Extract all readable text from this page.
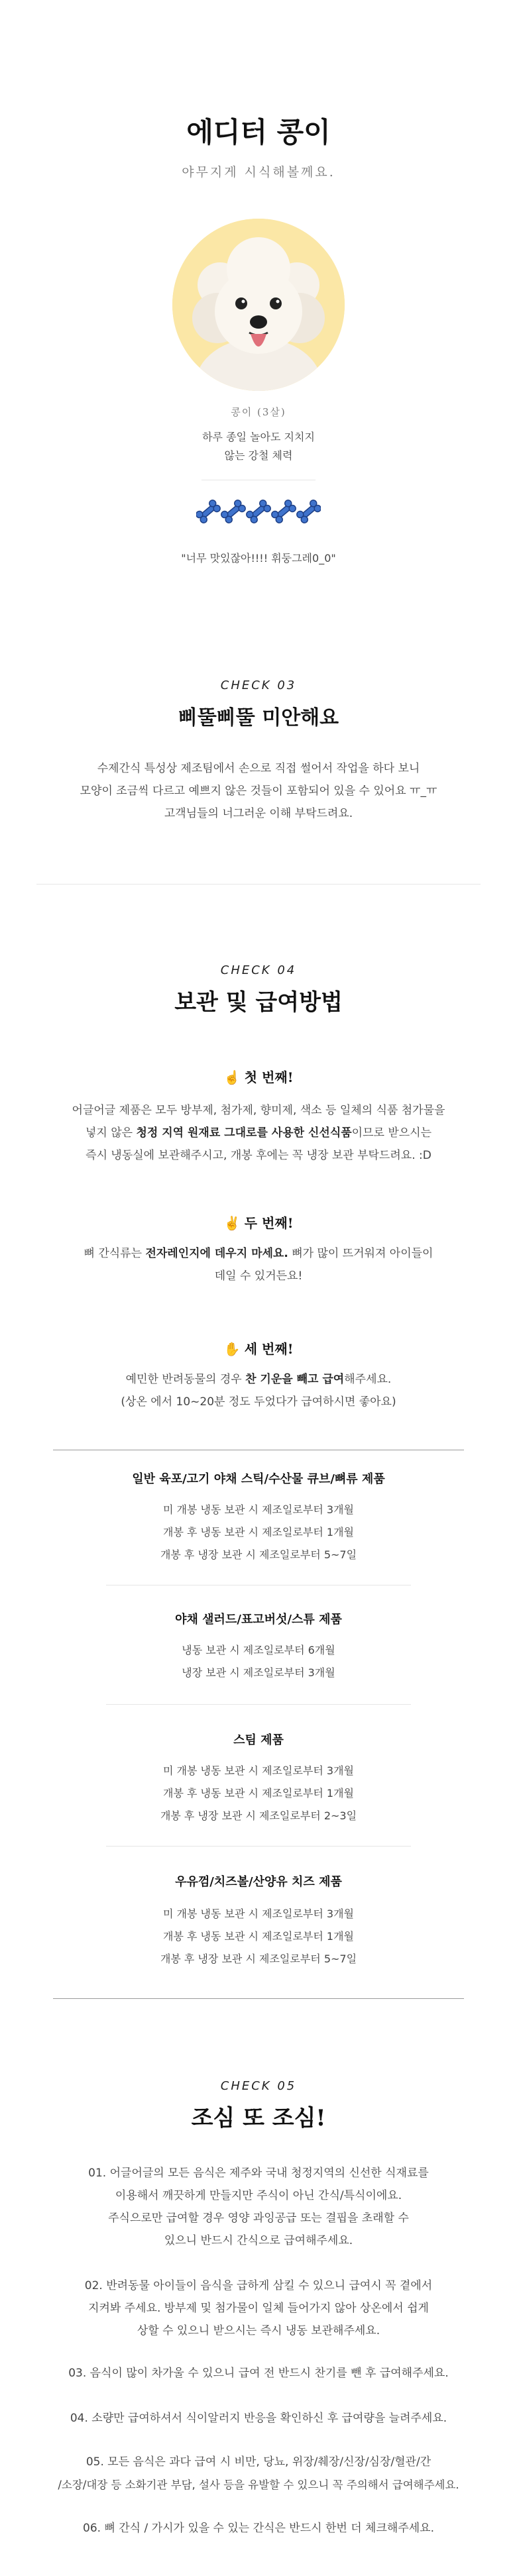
에디터 콩이
야무지게 시식해볼께요.
콩이 (3살)
하루 종일 놀아도 지치지
않는 강철 체력
"너무 맛있잖아!!!! 휘둥그레0_0"
CHECK 03
삐뚤삐뚤 미안해요
수제간식 특성상 제조팀에서 손으로 직접 썰어서 작업을 하다 보니
모양이 조금씩 다르고 예쁘지 않은 것들이 포함되어 있을 수 있어요 ㅠ_ㅠ
고객님들의 너그러운 이해 부탁드려요.
CHECK 04
보관 및 급여방법
☝ 첫 번째!
어글어글 제품은 모두 방부제, 첨가제, 향미제, 색소 등 일체의 식품 첨가물을
넣지 않은 청정 지역 원재료 그대로를 사용한 신선식품이므로 받으시는
즉시 냉동실에 보관해주시고, 개봉 후에는 꼭 냉장 보관 부탁드려요. :D
✌ 두 번째!
뼈 간식류는 전자레인지에 데우지 마세요. 뼈가 많이 뜨거워져 아이들이
데일 수 있거든요!
✋ 세 번째!
예민한 반려동물의 경우 찬 기운을 빼고 급여해주세요.
(상온 에서 10~20분 정도 두었다가 급여하시면 좋아요)
일반 육포/고기 야채 스틱/수산물 큐브/뼈류 제품
미 개봉 냉동 보관 시 제조일로부터 3개월
개봉 후 냉동 보관 시 제조일로부터 1개월
개봉 후 냉장 보관 시 제조일로부터 5~7일
야채 샐러드/표고버섯/스튜 제품
냉동 보관 시 제조일로부터 6개월
냉장 보관 시 제조일로부터 3개월
스팀 제품
미 개봉 냉동 보관 시 제조일로부터 3개월
개봉 후 냉동 보관 시 제조일로부터 1개월
개봉 후 냉장 보관 시 제조일로부터 2~3일
우유껌/치즈볼/산양유 치즈 제품
미 개봉 냉동 보관 시 제조일로부터 3개월
개봉 후 냉동 보관 시 제조일로부터 1개월
개봉 후 냉장 보관 시 제조일로부터 5~7일
CHECK 05
조심 또 조심!
01. 어글어글의 모든 음식은 제주와 국내 청정지역의 신선한 식재료를
이용해서 깨끗하게 만들지만 주식이 아닌 간식/특식이에요.
주식으로만 급여할 경우 영양 과잉공급 또는 결핍을 초래할 수
있으니 반드시 간식으로 급여해주세요.
02. 반려동물 아이들이 음식을 급하게 삼킬 수 있으니 급여시 꼭 곁에서
지켜봐 주세요. 방부제 및 첨가물이 일체 들어가지 않아 상온에서 쉽게
상할 수 있으니 받으시는 즉시 냉동 보관해주세요.
03. 음식이 많이 차가울 수 있으니 급여 전 반드시 찬기를 뺀 후 급여해주세요.
04. 소량만 급여하셔서 식이알러지 반응을 확인하신 후 급여량을 늘려주세요.
05. 모든 음식은 과다 급여 시 비만, 당뇨, 위장/췌장/신장/심장/혈관/간
/소장/대장 등 소화기관 부담, 설사 등을 유발할 수 있으니 꼭 주의해서 급여해주세요.
06. 뼈 간식 / 가시가 있을 수 있는 간식은 반드시 한번 더 체크해주세요.
